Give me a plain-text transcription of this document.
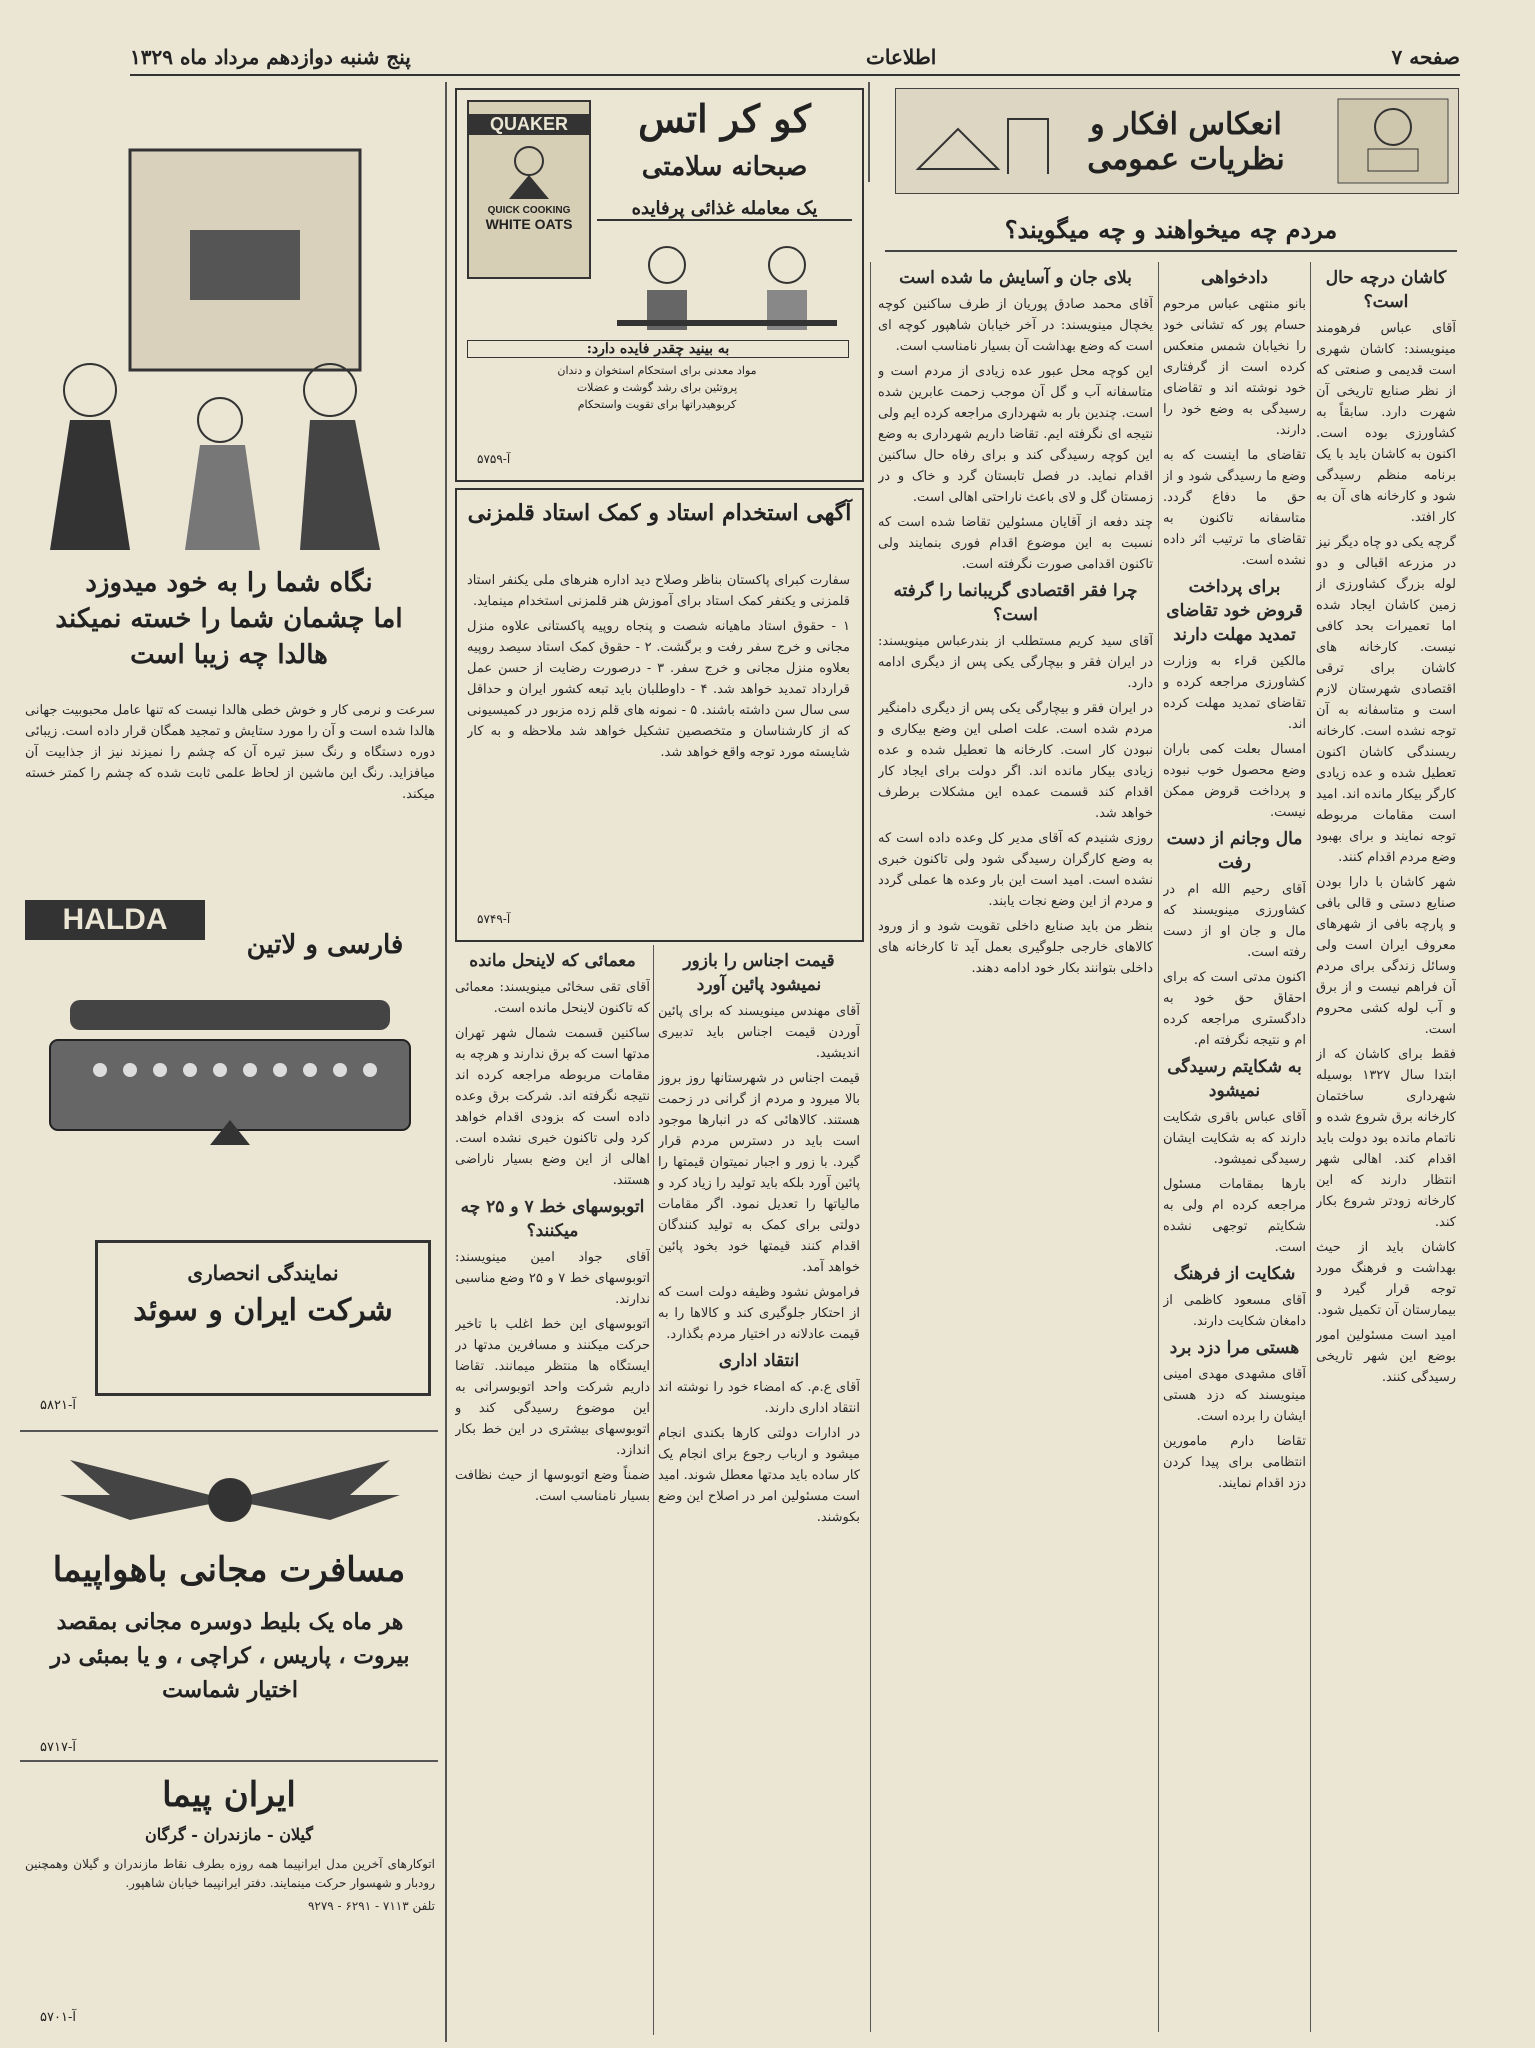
صفحه ۷
اطلاعات
پنج شنبه دوازدهم مرداد ماه ۱۳۲۹
انعکاس افکار و نظریات عمومی
مردم چه میخواهند و چه میگویند؟
کاشان درچه حال است؟

آقای عباس فرهومند مینویسند: کاشان شهری است قدیمی و صنعتی که از نظر صنایع تاریخی آن شهرت دارد. سابقاً به کشاورزی بوده است. اکنون به کاشان باید با یک برنامه منظم رسیدگی شود و کارخانه های آن به کار افتد.

گرچه یکی دو چاه دیگر نیز در مزرعه اقبالی و دو لوله بزرگ کشاورزی از زمین کاشان ایجاد شده اما تعمیرات بحد کافی نیست. کارخانه های کاشان برای ترقی اقتصادی شهرستان لازم است و متاسفانه به آن توجه نشده است. کارخانه ریسندگی کاشان اکنون تعطیل شده و عده زیادی کارگر بیکار مانده اند. امید است مقامات مربوطه توجه نمایند و برای بهبود وضع مردم اقدام کنند.

شهر کاشان با دارا بودن صنایع دستی و قالی بافی و پارچه بافی از شهرهای معروف ایران است ولی وسائل زندگی برای مردم آن فراهم نیست و از برق و آب لوله کشی محروم است.

فقط برای کاشان که از ابتدا سال ۱۳۲۷ بوسیله شهرداری ساختمان کارخانه برق شروع شده و ناتمام مانده بود دولت باید اقدام کند. اهالی شهر انتظار دارند که این کارخانه زودتر شروع بکار کند.

کاشان باید از حیث بهداشت و فرهنگ مورد توجه قرار گیرد و بیمارستان آن تکمیل شود.

امید است مسئولین امور بوضع این شهر تاریخی رسیدگی کنند.

دادخواهی

بانو منتهی عباس مرحوم حسام پور که تشانی خود را نخیابان شمس منعکس کرده است از گرفتاری خود نوشته اند و تقاضای رسیدگی به وضع خود را دارند.

تقاضای ما اینست که به وضع ما رسیدگی شود و از حق ما دفاع گردد. متاسفانه تاکنون به تقاضای ما ترتیب اثر داده نشده است.

برای پرداخت قروض خود تقاضای تمدید مهلت دارند

مالکین قراء به وزارت کشاورزی مراجعه کرده و تقاضای تمدید مهلت کرده اند.

امسال بعلت کمی باران وضع محصول خوب نبوده و پرداخت قروض ممکن نیست.

مال وجانم از دست رفت

آقای رحیم الله ام در کشاورزی مینویسند که مال و جان او از دست رفته است.

اکنون مدتی است که برای احقاق حق خود به دادگستری مراجعه کرده ام و نتیجه نگرفته ام.

به شکایتم رسیدگی نمیشود

آقای عباس باقری شکایت دارند که به شکایت ایشان رسیدگی نمیشود.

بارها بمقامات مسئول مراجعه کرده ام ولی به شکایتم توجهی نشده است.

شکایت از فرهنگ

آقای مسعود کاظمی از دامغان شکایت دارند.

هستی مرا دزد برد

آقای مشهدی مهدی امینی مینویسند که دزد هستی ایشان را برده است.

تقاضا دارم مامورین انتظامی برای پیدا کردن دزد اقدام نمایند.

بلای جان و آسایش ما شده است

آقای محمد صادق پوریان از طرف ساکنین کوچه یخچال مینویسند: در آخر خیابان شاهپور کوچه ای است که وضع بهداشت آن بسیار نامناسب است.

این کوچه محل عبور عده زیادی از مردم است و متاسفانه آب و گل آن موجب زحمت عابرین شده است. چندین بار به شهرداری مراجعه کرده ایم ولی نتیجه ای نگرفته ایم. تقاضا داریم شهرداری به وضع این کوچه رسیدگی کند و برای رفاه حال ساکنین اقدام نماید. در فصل تابستان گرد و خاک و در زمستان گل و لای باعث ناراحتی اهالی است.

چند دفعه از آقایان مسئولین تقاضا شده است که نسبت به این موضوع اقدام فوری بنمایند ولی تاکنون اقدامی صورت نگرفته است.

چرا فقر اقتصادی گریبانما را گرفته است؟

آقای سید کریم مستطلب از بندرعباس مینویسند: در ایران فقر و بیچارگی یکی پس از دیگری ادامه دارد.

در ایران فقر و بیچارگی یکی پس از دیگری دامنگیر مردم شده است. علت اصلی این وضع بیکاری و نبودن کار است. کارخانه ها تعطیل شده و عده زیادی بیکار مانده اند. اگر دولت برای ایجاد کار اقدام کند قسمت عمده این مشکلات برطرف خواهد شد.

روزی شنیدم که آقای مدیر کل وعده داده است که به وضع کارگران رسیدگی شود ولی تاکنون خبری نشده است. امید است این بار وعده ها عملی گردد و مردم از این وضع نجات یابند.

بنظر من باید صنایع داخلی تقویت شود و از ورود کالاهای خارجی جلوگیری بعمل آید تا کارخانه های داخلی بتوانند بکار خود ادامه دهند.

QUAKER
QUICK COOKING
WHITE OATS
کو کر اتس
صبحانه سلامتی
یک معامله غذائی پرفایده
به بینید چقدر فایده دارد:
مواد معدنی برای استحکام استخوان و دندان
پروتئین برای رشد گوشت و عضلات
کربوهیدراتها برای تقویت واستحکام
آ-۵۷۵۹
آگهی استخدام استاد و کمک استاد قلمزنی

سفارت کبرای پاکستان بناظر وصلاح دید اداره هنرهای ملی یکنفر استاد قلمزنی و یکنفر کمک استاد برای آموزش هنر قلمزنی استخدام مینماید.

۱ - حقوق استاد ماهیانه شصت و پنجاه روپیه پاکستانی علاوه منزل مجانی و خرج سفر رفت و برگشت. ۲ - حقوق کمک استاد سیصد روپیه بعلاوه منزل مجانی و خرج سفر. ۳ - درصورت رضایت از حسن عمل قرارداد تمدید خواهد شد. ۴ - داوطلبان باید تبعه کشور ایران و حداقل سی سال سن داشته باشند. ۵ - نمونه های قلم زده مزبور در کمیسیونی که از کارشناسان و متخصصین تشکیل خواهد شد ملاحظه و به کار شایسته مورد توجه واقع خواهد شد.

آ-۵۷۴۹
قیمت اجناس را بازور نمیشود پائین آورد

آقای مهندس مینویسند که برای پائین آوردن قیمت اجناس باید تدبیری اندیشید.

قیمت اجناس در شهرستانها روز بروز بالا میرود و مردم از گرانی در زحمت هستند. کالاهائی که در انبارها موجود است باید در دسترس مردم قرار گیرد. با زور و اجبار نمیتوان قیمتها را پائین آورد بلکه باید تولید را زیاد کرد و مالیاتها را تعدیل نمود. اگر مقامات دولتی برای کمک به تولید کنندگان اقدام کنند قیمتها خود بخود پائین خواهد آمد.

فراموش نشود وظیفه دولت است که از احتکار جلوگیری کند و کالاها را به قیمت عادلانه در اختیار مردم بگذارد.

انتقاد اداری

آقای ع.م. که امضاء خود را نوشته اند انتقاد اداری دارند.

در ادارات دولتی کارها بکندی انجام میشود و ارباب رجوع برای انجام یک کار ساده باید مدتها معطل شوند. امید است مسئولین امر در اصلاح این وضع بکوشند.

معمائی که لاینحل مانده

آقای تقی سخائی مینویسند: معمائی که تاکنون لاینحل مانده است.

ساکنین قسمت شمال شهر تهران مدتها است که برق ندارند و هرچه به مقامات مربوطه مراجعه کرده اند نتیجه نگرفته اند. شرکت برق وعده داده است که بزودی اقدام خواهد کرد ولی تاکنون خبری نشده است. اهالی از این وضع بسیار ناراضی هستند.

اتوبوسهای خط ۷ و ۲۵ چه میکنند؟

آقای جواد امین مینویسند: اتوبوسهای خط ۷ و ۲۵ وضع مناسبی ندارند.

اتوبوسهای این خط اغلب با تاخیر حرکت میکنند و مسافرین مدتها در ایستگاه ها منتظر میمانند. تقاضا داریم شرکت واحد اتوبوسرانی به این موضوع رسیدگی کند و اتوبوسهای بیشتری در این خط بکار اندازد.

ضمناً وضع اتوبوسها از حیث نظافت بسیار نامناسب است.

نگاه شما را به خود میدوزد
اما چشمان شما را خسته نمیکند
هالدا چه زیبا است

سرعت و نرمی کار و خوش خطی هالدا نیست که تنها عامل محبوبیت جهانی هالدا شده است و آن را مورد ستایش و تمجید همگان قرار داده است. زیبائی دوره دستگاه و رنگ سبز تیره آن که چشم را نمیزند نیز از جذابیت آن میافزاید. رنگ این ماشین از لحاظ علمی ثابت شده که چشم را کمتر خسته میکند.

HALDA
فارسی و لاتین
نمایندگی انحصاری
شرکت ایران و سوئد
آ-۵۸۲۱
مسافرت مجانی باهواپیما
هر ماه یک بلیط دوسره مجانی بمقصد بیروت ، پاریس ، کراچی ، و یا بمبئی در اختیار شماست
آ-۵۷۱۷
ایران پیما
گیلان - مازندران - گرگان

اتوکارهای آخرین مدل ایرانپیما همه روزه بطرف نقاط مازندران و گیلان وهمچنین رودبار و شهسوار حرکت مینمایند. دفتر ایرانپیما خیابان شاهپور.

تلفن ۷۱۱۳ - ۶۲۹۱ - ۹۲۷۹

آ-۵۷۰۱
